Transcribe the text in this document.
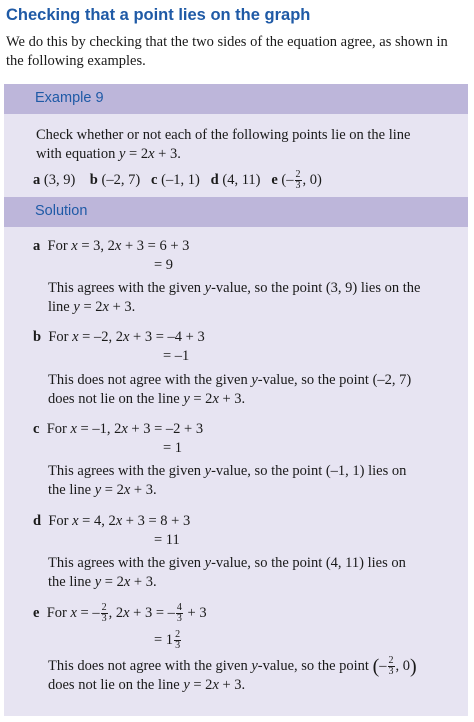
Checking that a point lies on the graph
We do this by checking that the two sides of the equation agree, as shown in the following examples.
Example 9
Check whether or not each of the following points lie on the line
with equation y = 2x + 3.
a (3, 9) b (–2, 7) c (–1, 1) d (4, 11) e (– $\frac{2}{3}$ , 0)
Solution
a  For x = 3, 2x + 3 = 6 + 3
= 9
This agrees with the given y-value, so the point (3, 9) lies on the
line y = 2x + 3.
b  For x = –2, 2x + 3 = –4 + 3
= –1
This does not agree with the given y-value, so the point (–2, 7)
does not lie on the line y = 2x + 3.
c  For x = –1, 2x + 3 = –2 + 3
= 1
This agrees with the given y-value, so the point (–1, 1) lies on
the line y = 2x + 3.
d  For x = 4, 2x + 3 = 8 + 3
= 11
This agrees with the given y-value, so the point (4, 11) lies on
the line y = 2x + 3.
e  For x = – $\frac{2}{3}$ , 2x + 3 = – $\frac{4}{3} + 3$
= $1 \frac{2}{3}$
This does not agree with the given y-value, so the point (– $\frac{2}{3}$ , 0)
does not lie on the line y = 2x + 3.
